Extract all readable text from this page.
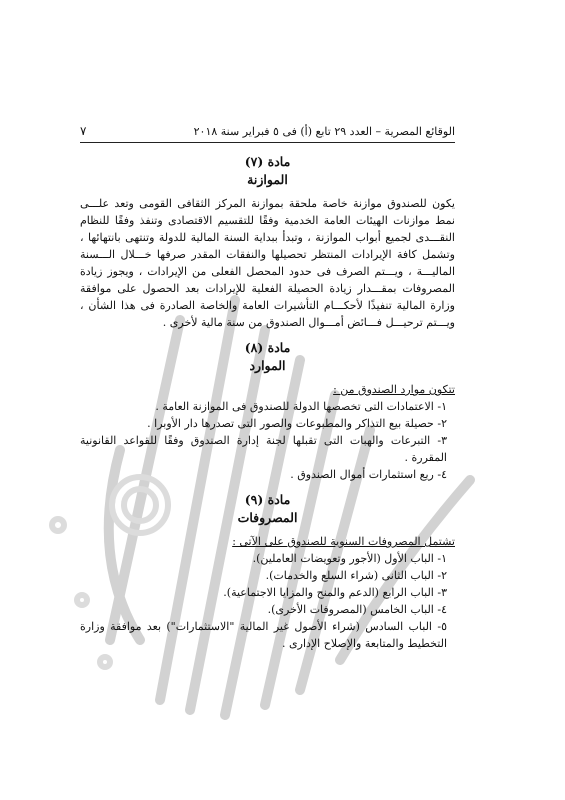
الوقائع المصرية – العدد ٢٩ تابع (أ) فى ٥ فبراير سنة ٢٠١٨
٧
مادة (٧)
الموازنة

يكون للصندوق موازنة خاصة ملحقة بموازنة المركز الثقافى القومى وتعد علـــى نمط موازنات الهيئات العامة الخدمية وفقًا للتقسيم الاقتصادى وتنفذ وفقًا للنظام النقـــدى لجميع أبواب الموازنة ، وتبدأ ببداية السنة المالية للدولة وتنتهى بانتهائها ، وتشمل كافة الإيرادات المنتظر تحصيلها والنفقات المقدر صرفها خـــلال الـــسنة الماليـــة ، ويـــتم الصرف فى حدود المحصل الفعلى من الإيرادات ، ويجوز زيادة المصروفات بمقـــدار زيادة الحصيلة الفعلية للإيرادات بعد الحصول على موافقة وزارة المالية تنفيذًا لأحكـــام التأشيرات العامة والخاصة الصادرة فى هذا الشأن ، ويـــتم ترحيـــل فـــائض أمـــوال الصندوق من سنة مالية لأخرى .

مادة (٨)
الموارد

تتكون موارد الصندوق من :

١- الاعتمادات التى تخصصها الدولة للصندوق فى الموازنة العامة .
٢- حصيلة بيع التذاكر والمطبوعات والصور التى تصدرها دار الأوبرا .
٣- التبرعات والهبات التى تقبلها لجنة إدارة الصندوق وفقًا للقواعد القانونية المقررة .
٤- ريع استثمارات أموال الصندوق .
مادة (٩)
المصروفات

تشتمل المصروفات السنوية للصندوق على الآتى :

١- الباب الأول (الأجور وتعويضات العاملين).
٢- الباب الثانى (شراء السلع والخدمات).
٣- الباب الرابع (الدعم والمنح والمزايا الاجتماعية).
٤- الباب الخامس (المصروفات الأخرى).
٥- الباب السادس (شراء الأصول غير المالية "الاستثمارات") بعد موافقة وزارة التخطيط والمتابعة والإصلاح الإدارى .
